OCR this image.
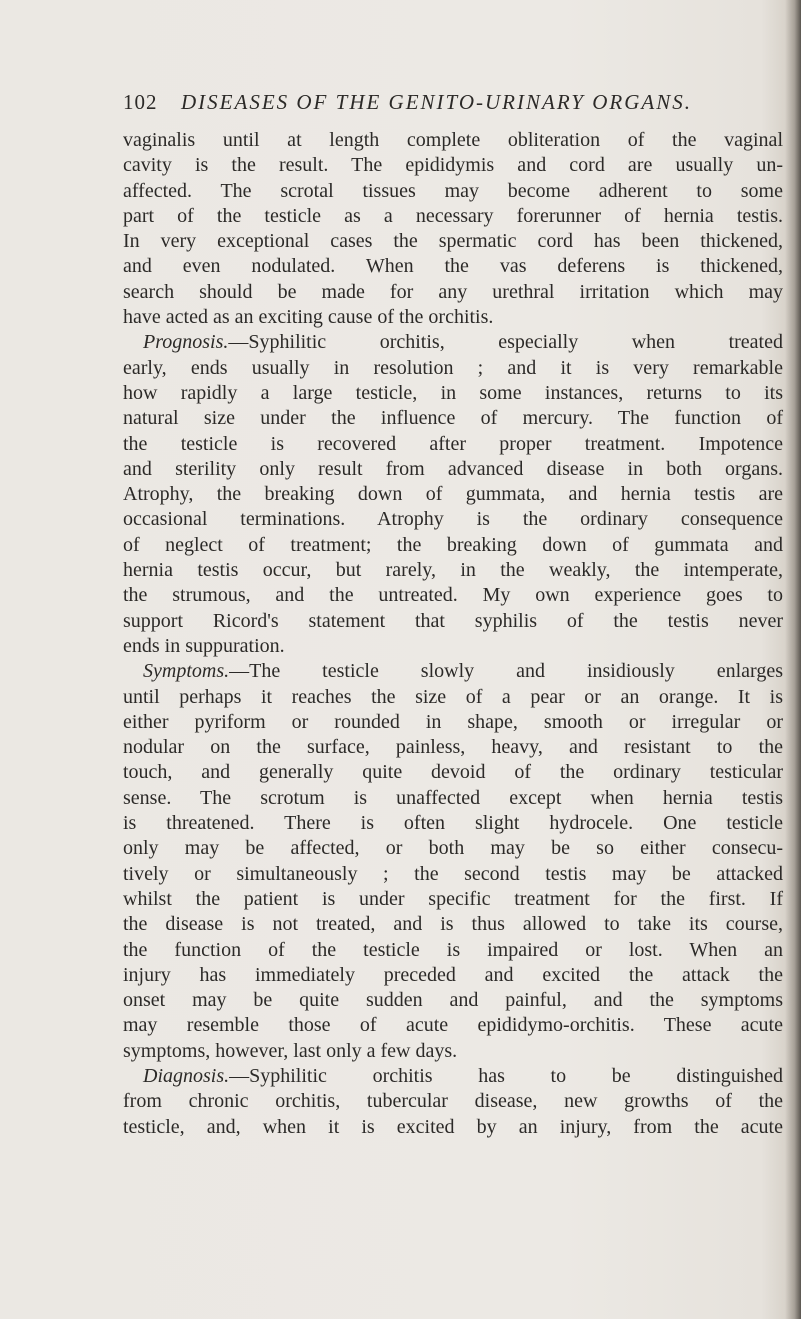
102 DISEASES OF THE GENITO-URINARY ORGANS.
vaginalis until at length complete obliteration of the vaginal
cavity is the result. The epididymis and cord are usually un-
affected. The scrotal tissues may become adherent to some
part of the testicle as a necessary forerunner of hernia testis.
In very exceptional cases the spermatic cord has been thickened,
and even nodulated. When the vas deferens is thickened,
search should be made for any urethral irritation which may
have acted as an exciting cause of the orchitis.
Prognosis.—Syphilitic orchitis, especially when treated
early, ends usually in resolution ; and it is very remarkable
how rapidly a large testicle, in some instances, returns to its
natural size under the influence of mercury. The function of
the testicle is recovered after proper treatment. Impotence
and sterility only result from advanced disease in both organs.
Atrophy, the breaking down of gummata, and hernia testis are
occasional terminations. Atrophy is the ordinary consequence
of neglect of treatment; the breaking down of gummata and
hernia testis occur, but rarely, in the weakly, the intemperate,
the strumous, and the untreated. My own experience goes to
support Ricord's statement that syphilis of the testis never
ends in suppuration.
Symptoms.—The testicle slowly and insidiously enlarges
until perhaps it reaches the size of a pear or an orange. It is
either pyriform or rounded in shape, smooth or irregular or
nodular on the surface, painless, heavy, and resistant to the
touch, and generally quite devoid of the ordinary testicular
sense. The scrotum is unaffected except when hernia testis
is threatened. There is often slight hydrocele. One testicle
only may be affected, or both may be so either consecu-
tively or simultaneously ; the second testis may be attacked
whilst the patient is under specific treatment for the first. If
the disease is not treated, and is thus allowed to take its course,
the function of the testicle is impaired or lost. When an
injury has immediately preceded and excited the attack the
onset may be quite sudden and painful, and the symptoms
may resemble those of acute epididymo-orchitis. These acute
symptoms, however, last only a few days.
Diagnosis.—Syphilitic orchitis has to be distinguished
from chronic orchitis, tubercular disease, new growths of the
testicle, and, when it is excited by an injury, from the acute
